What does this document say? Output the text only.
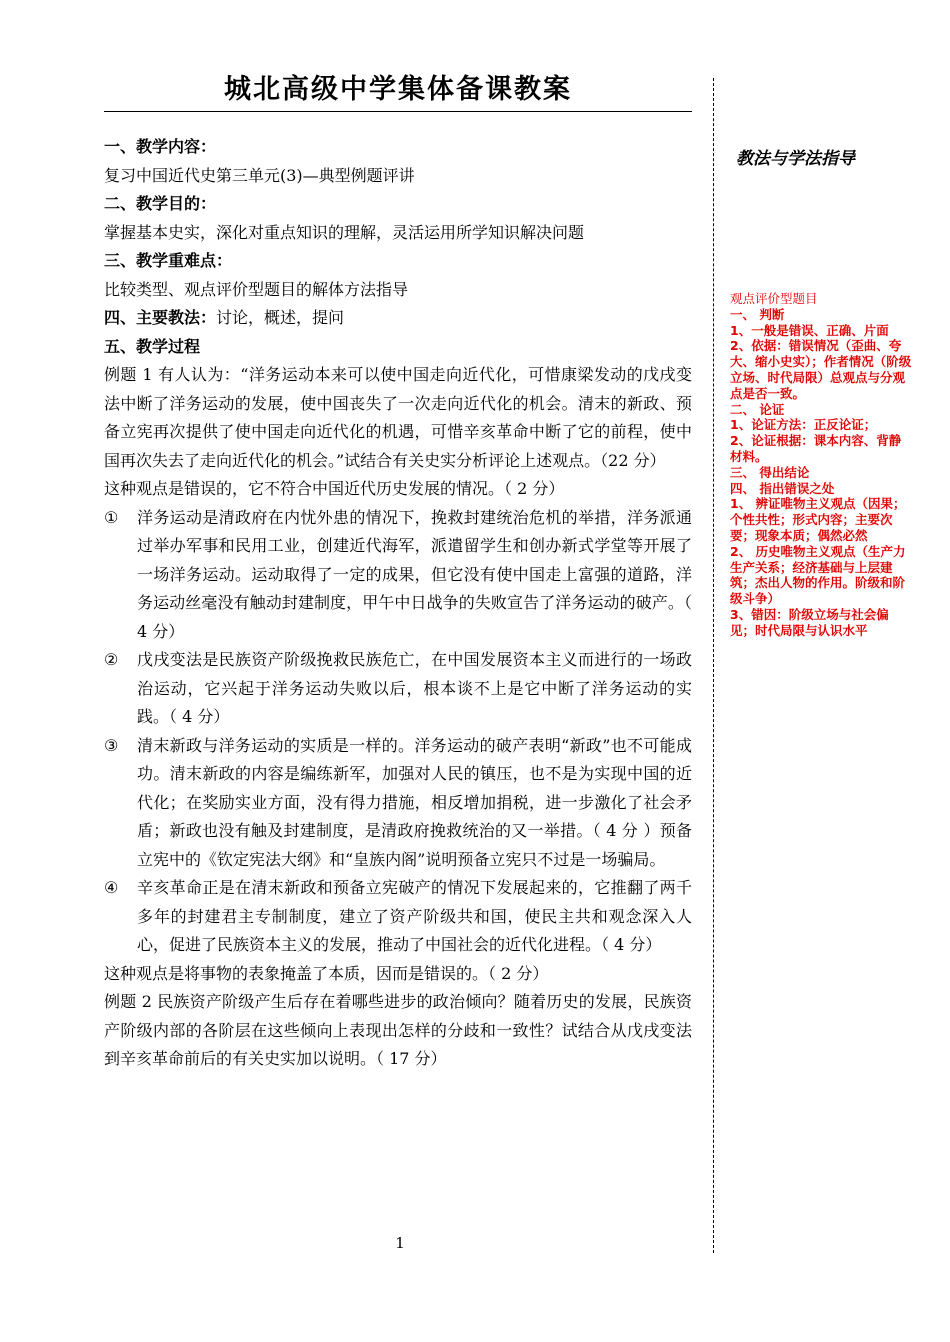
城北高级中学集体备课教案
一、教学内容：

复习中国近代史第三单元(3)—典型例题评讲

二、教学目的：

掌握基本史实，深化对重点知识的理解，灵活运用所学知识解决问题

三、教学重难点：

比较类型、观点评价型题目的解体方法指导

四、主要教法：讨论，概述，提问
五、教学过程

例题 1 有人认为：“洋务运动本来可以使中国走向近代化，可惜康梁发动的戊戌变法中断了洋务运动的发展，使中国丧失了一次走向近代化的机会。清末的新政、预备立宪再次提供了使中国走向近代化的机遇，可惜辛亥革命中断了它的前程，使中国再次失去了走向近代化的机会。”试结合有关史实分析评论上述观点。（22 分）

这种观点是错误的，它不符合中国近代历史发展的情况。（ 2 分）

①	洋务运动是清政府在内忧外患的情况下，挽救封建统治危机的举措，洋务派通过举办军事和民用工业，创建近代海军，派遣留学生和创办新式学堂等开展了一场洋务运动。运动取得了一定的成果，但它没有使中国走上富强的道路，洋务运动丝毫没有触动封建制度，甲午中日战争的失败宣告了洋务运动的破产。（ 4 分）
②	戊戌变法是民族资产阶级挽救民族危亡，在中国发展资本主义而进行的一场政治运动，它兴起于洋务运动失败以后，根本谈不上是它中断了洋务运动的实践。（ 4 分）
③	清末新政与洋务运动的实质是一样的。洋务运动的破产表明“新政”也不可能成功。清末新政的内容是编练新军，加强对人民的镇压，也不是为实现中国的近代化；在奖励实业方面，没有得力措施，相反增加捐税，进一步激化了社会矛盾；新政也没有触及封建制度，是清政府挽救统治的又一举措。（ 4 分 ）预备立宪中的《钦定宪法大纲》和“皇族内阁”说明预备立宪只不过是一场骗局。
④	辛亥革命正是在清末新政和预备立宪破产的情况下发展起来的，它推翻了两千多年的封建君主专制制度，建立了资产阶级共和国，使民主共和观念深入人心，促进了民族资本主义的发展，推动了中国社会的近代化进程。（ 4 分）

这种观点是将事物的表象掩盖了本质，因而是错误的。（ 2 分）

例题 2 民族资产阶级产生后存在着哪些进步的政治倾向？随着历史的发展，民族资产阶级内部的各阶层在这些倾向上表现出怎样的分歧和一致性？试结合从戊戌变法到辛亥革命前后的有关史实加以说明。（ 17 分）

教法与学法指导
观点评价型题目
一、 判断
1、一般是错误、正确、片面
2、依据：错误情况（歪曲、夸大、缩小史实）；作者情况（阶级立场、时代局限）总观点与分观点是否一致。
二、 论证
1、论证方法：正反论证；
2、论证根据：课本内容、背静材料。
三、 得出结论
四、 指出错误之处
1、 辨证唯物主义观点（因果；个性共性；形式内容；主要次要；现象本质；偶然必然
2、 历史唯物主义观点（生产力生产关系；经济基础与上层建筑；杰出人物的作用。阶级和阶级斗争）
3、错因：阶级立场与社会偏见；时代局限与认识水平
1
